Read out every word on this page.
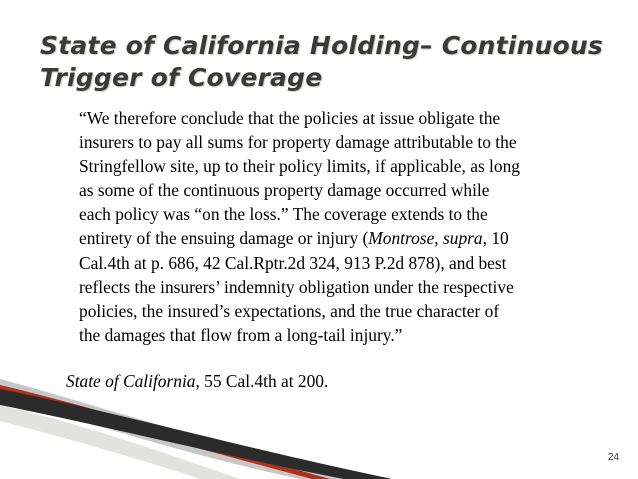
State of California Holding– Continuous
Trigger of Coverage
“We therefore conclude that the policies at issue obligate the
insurers to pay all sums for property damage attributable to the
Stringfellow site, up to their policy limits, if applicable, as long
as some of the continuous property damage occurred while
each policy was “on the loss.” The coverage extends to the
entirety of the ensuing damage or injury (Montrose, supra, 10
Cal.4th at p. 686, 42 Cal.Rptr.2d 324, 913 P.2d 878), and best
reflects the insurers’ indemnity obligation under the respective
policies, the insured’s expectations, and the true character of
the damages that flow from a long-tail injury.”
State of California, 55 Cal.4th at 200.
24
